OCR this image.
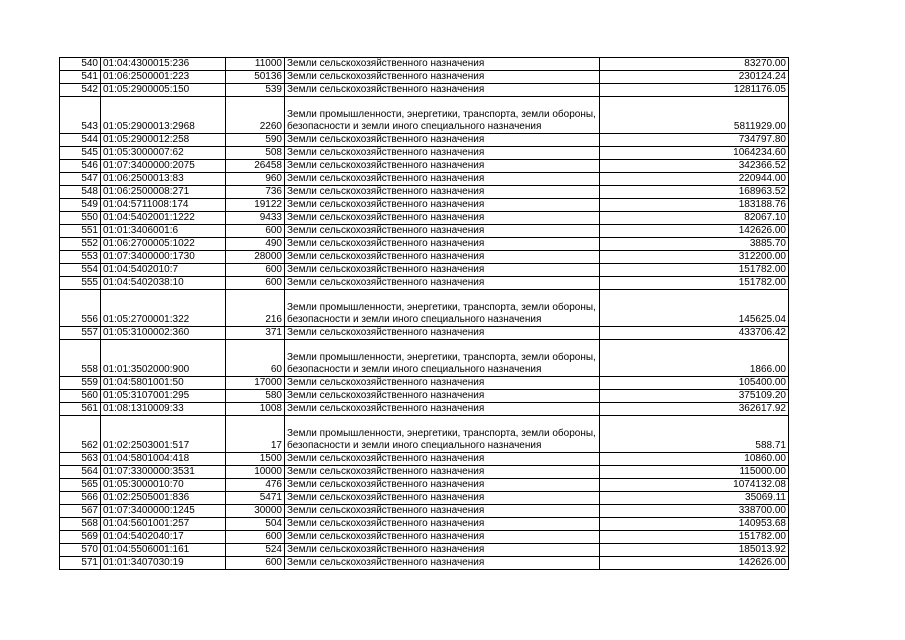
540	01:04:4300015:236	11000	Земли сельскохозяйственного назначения	83270.00
541	01:06:2500001:223	50136	Земли сельскохозяйственного назначения	230124.24
542	01:05:2900005:150	539	Земли сельскохозяйственного назначения	1281176.05
543	01:05:2900013:2968	2260	Земли промышленности, энергетики, транспорта, земли обороны, безопасности и земли иного специального назначения	5811929.00
544	01:05:2900012:258	590	Земли сельскохозяйственного назначения	734797.80
545	01:05:3000007:62	508	Земли сельскохозяйственного назначения	1064234.60
546	01:07:3400000:2075	26458	Земли сельскохозяйственного назначения	342366.52
547	01:06:2500013:83	960	Земли сельскохозяйственного назначения	220944.00
548	01:06:2500008:271	736	Земли сельскохозяйственного назначения	168963.52
549	01:04:5711008:174	19122	Земли сельскохозяйственного назначения	183188.76
550	01:04:5402001:1222	9433	Земли сельскохозяйственного назначения	82067.10
551	01:01:3406001:6	600	Земли сельскохозяйственного назначения	142626.00
552	01:06:2700005:1022	490	Земли сельскохозяйственного назначения	3885.70
553	01:07:3400000:1730	28000	Земли сельскохозяйственного назначения	312200.00
554	01:04:5402010:7	600	Земли сельскохозяйственного назначения	151782.00
555	01:04:5402038:10	600	Земли сельскохозяйственного назначения	151782.00
556	01:05:2700001:322	216	Земли промышленности, энергетики, транспорта, земли обороны, безопасности и земли иного специального назначения	145625.04
557	01:05:3100002:360	371	Земли сельскохозяйственного назначения	433706.42
558	01:01:3502000:900	60	Земли промышленности, энергетики, транспорта, земли обороны, безопасности и земли иного специального назначения	1866.00
559	01:04:5801001:50	17000	Земли сельскохозяйственного назначения	105400.00
560	01:05:3107001:295	580	Земли сельскохозяйственного назначения	375109.20
561	01:08:1310009:33	1008	Земли сельскохозяйственного назначения	362617.92
562	01:02:2503001:517	17	Земли промышленности, энергетики, транспорта, земли обороны, безопасности и земли иного специального назначения	588.71
563	01:04:5801004:418	1500	Земли сельскохозяйственного назначения	10860.00
564	01:07:3300000:3531	10000	Земли сельскохозяйственного назначения	115000.00
565	01:05:3000010:70	476	Земли сельскохозяйственного назначения	1074132.08
566	01:02:2505001:836	5471	Земли сельскохозяйственного назначения	35069.11
567	01:07:3400000:1245	30000	Земли сельскохозяйственного назначения	338700.00
568	01:04:5601001:257	504	Земли сельскохозяйственного назначения	140953.68
569	01:04:5402040:17	600	Земли сельскохозяйственного назначения	151782.00
570	01:04:5506001:161	524	Земли сельскохозяйственного назначения	185013.92
571	01:01:3407030:19	600	Земли сельскохозяйственного назначения	142626.00
